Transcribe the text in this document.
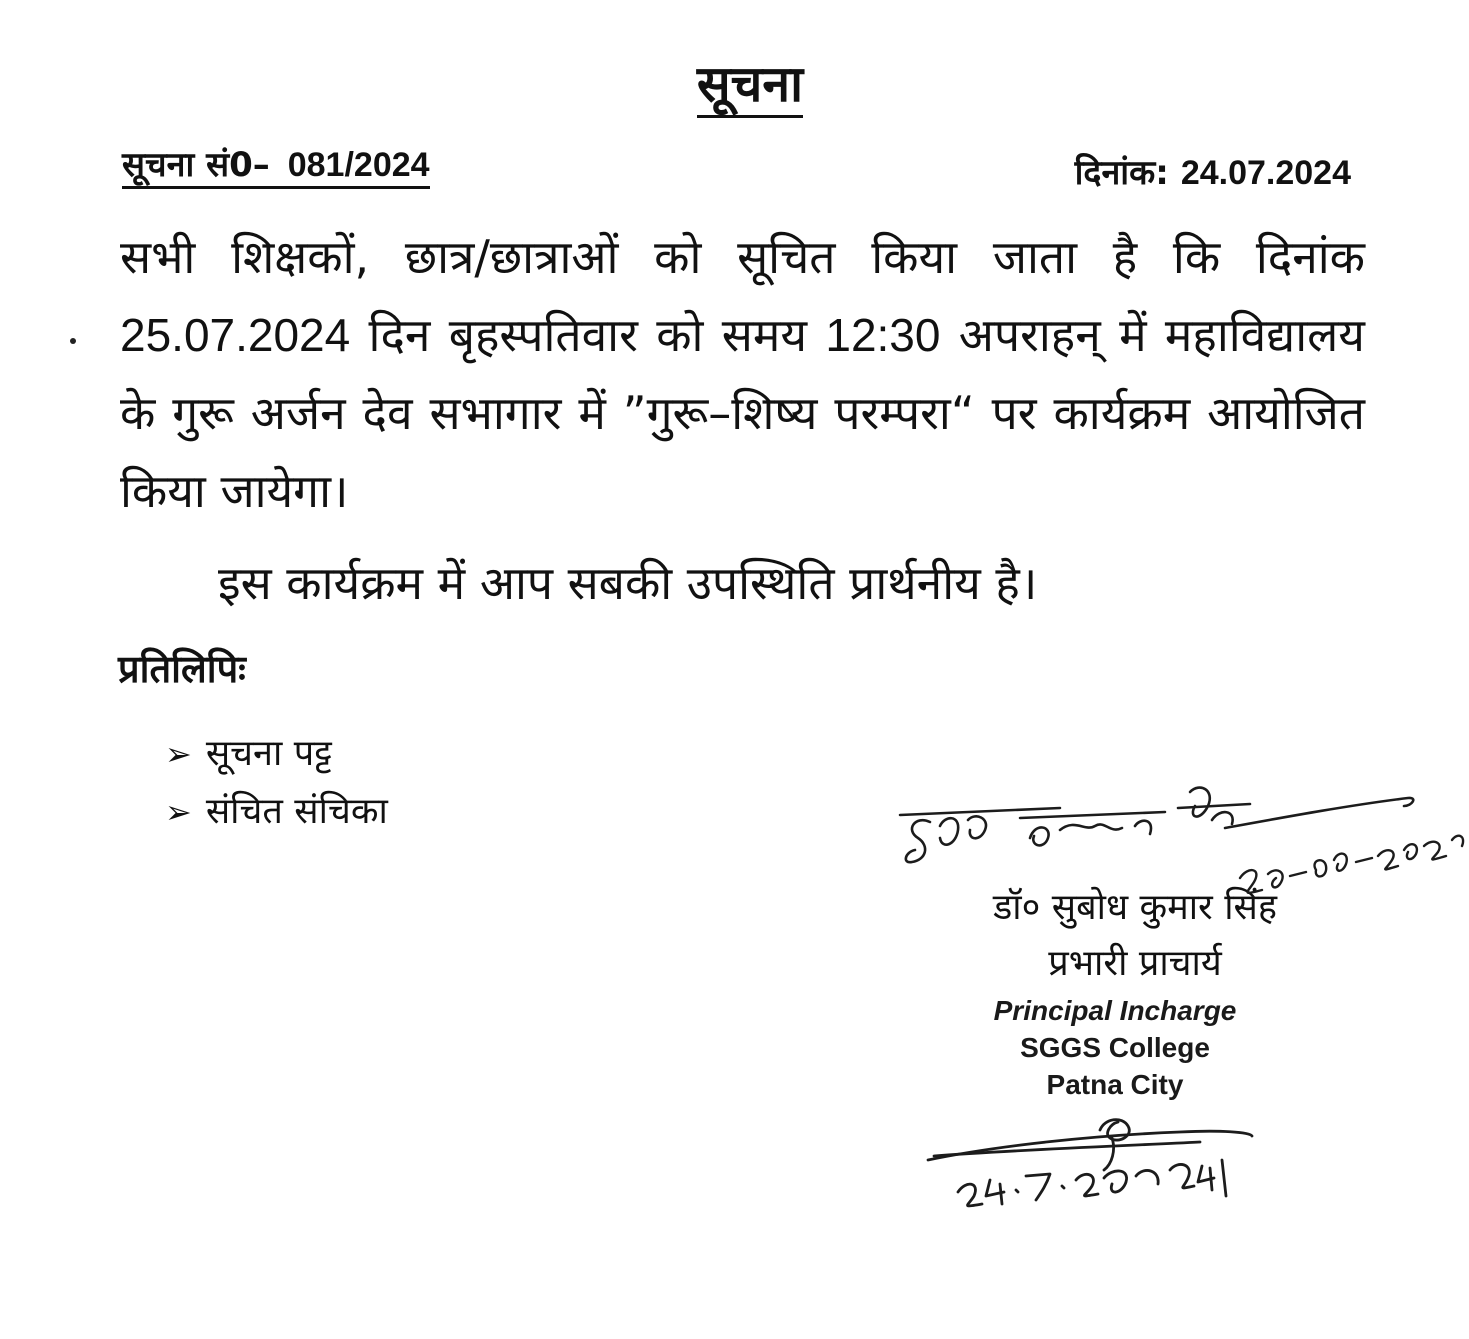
सूचना
सूचना सं0– 081/2024	दिनांक: 24.07.2024
सभी शिक्षकों, छात्र/छात्राओं को सूचित किया जाता है कि दिनांक 25.07.2024 दिन बृहस्पतिवार को समय 12:30 अपराहन् में महाविद्यालय के गुरू अर्जन देव सभागार में ”गुरू–शिष्य परम्परा“ पर कार्यक्रम आयोजित किया जायेगा।
इस कार्यक्रम में आप सबकी उपस्थिति प्रार्थनीय है।
प्रतिलिपिः
➢ सूचना पट्ट
➢ संचित संचिका
डॉ० सुबोध कुमार सिंह
प्रभारी प्राचार्य
Principal Incharge
SGGS College
Patna City
